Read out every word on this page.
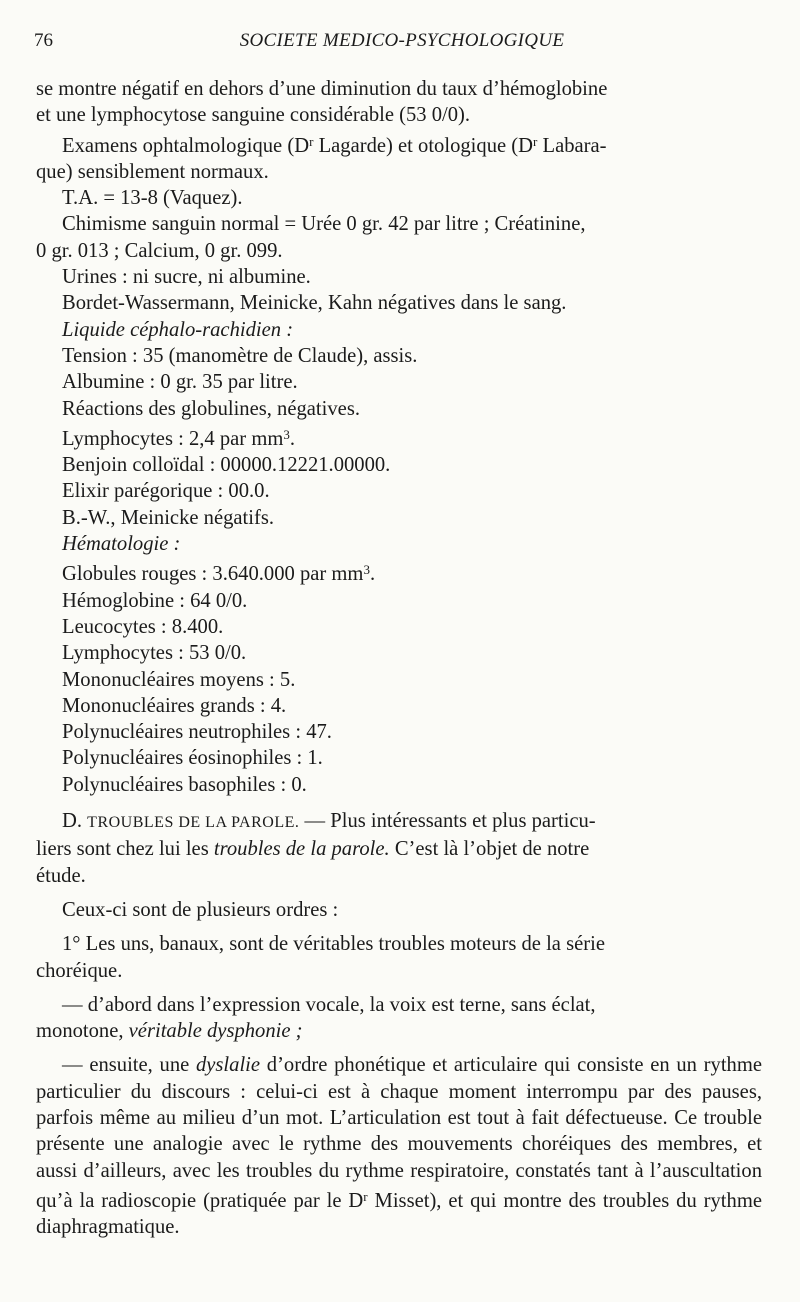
76	SOCIETE MEDICO-PSYCHOLOGIQUE

se montre négatif en dehors d’une diminution du taux d’hémoglobine
et une lymphocytose sanguine considérable (53 0/0).

Examens ophtalmologique ($D^r$ Lagarde) et otologique ($D^r$ Labara-
que) sensiblement normaux.

T.A. = 13-8 (Vaquez).

Chimisme sanguin normal = Urée 0 gr. 42 par litre ; Créatinine,
0 gr. 013 ; Calcium, 0 gr. 099.

Urines : ni sucre, ni albumine.

Bordet-Wassermann, Meinicke, Kahn négatives dans le sang.

Liquide céphalo-rachidien :

Tension : 35 (manomètre de Claude), assis.

Albumine : 0 gr. 35 par litre.

Réactions des globulines, négatives.

Lymphocytes : 2,4 par $mm^3$.

Benjoin colloïdal : 00000.12221.00000.

Elixir parégorique : 00.0.

B.-W., Meinicke négatifs.

Hématologie :

Globules rouges : 3.640.000 par $mm^3$.

Hémoglobine : 64 0/0.

Leucocytes : 8.400.

Lymphocytes : 53 0/0.

Mononucléaires moyens : 5.

Mononucléaires grands : 4.

Polynucléaires neutrophiles : 47.

Polynucléaires éosinophiles : 1.

Polynucléaires basophiles : 0.

D. TROUBLES DE LA PAROLE. — Plus intéressants et plus particu-
liers sont chez lui les troubles de la parole. C’est là l’objet de notre
étude.

Ceux-ci sont de plusieurs ordres :

1° Les uns, banaux, sont de véritables troubles moteurs de la série
choréique.

— d’abord dans l’expression vocale, la voix est terne, sans éclat,
monotone, véritable dysphonie ;

— ensuite, une dyslalie d’ordre phonétique et articulaire qui consiste en un rythme particulier du discours : celui-ci est à chaque moment interrompu par des pauses, parfois même au milieu d’un mot. L’articulation est tout à fait défectueuse. Ce trouble présente une analogie avec le rythme des mouvements choréiques des membres, et aussi d’ailleurs, avec les troubles du rythme respiratoire, constatés tant à l’auscultation qu’à la radioscopie (pratiquée par le $D^r$ Misset), et qui montre des troubles du rythme diaphragmatique.
